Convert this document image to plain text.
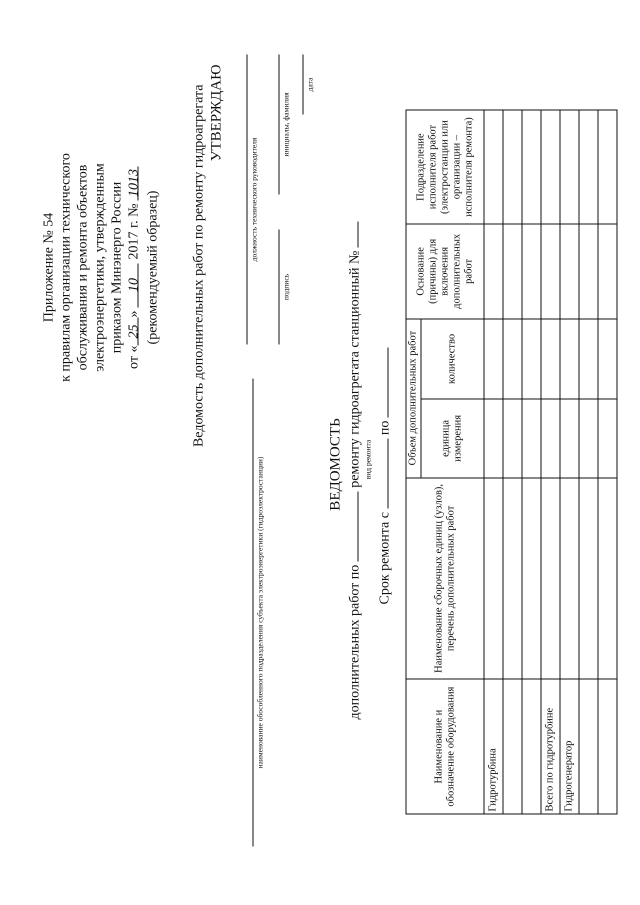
Приложение № 54 к правилам организации технического обслуживания и ремонта объектов электроэнергетики, утвержденным приказом Минэнерго России
от «25» 10 2017 г. № 1013
(рекомендуемый образец) Ведомость дополнительных работ по ремонту гидроагрегата УТВЕРЖДАЮ
должность технического руководителя
подпись
инициалы, фамилия
дата
наименование обособленного подразделения субъекта электроэнергетики (гидроэлектростанции)	ВЕДОМОСТЬ
дополнительных работ по  ремонту гидроагрегата станционный № вид ремонта
Срок ремонта с  по
Наименование и обозначение оборудования	Наименование сборочных единиц (узлов), перечень дополнительных работ	Объем дополнительных работ		Основание (причины) для включения дополнительных работ	Подразделение исполнителя работ (электростанции или организации – исполнителя ремонта)
		единица измерения	количество		
Гидротурбина					

Всего по гидротурбине					
Гидрогенератор					
